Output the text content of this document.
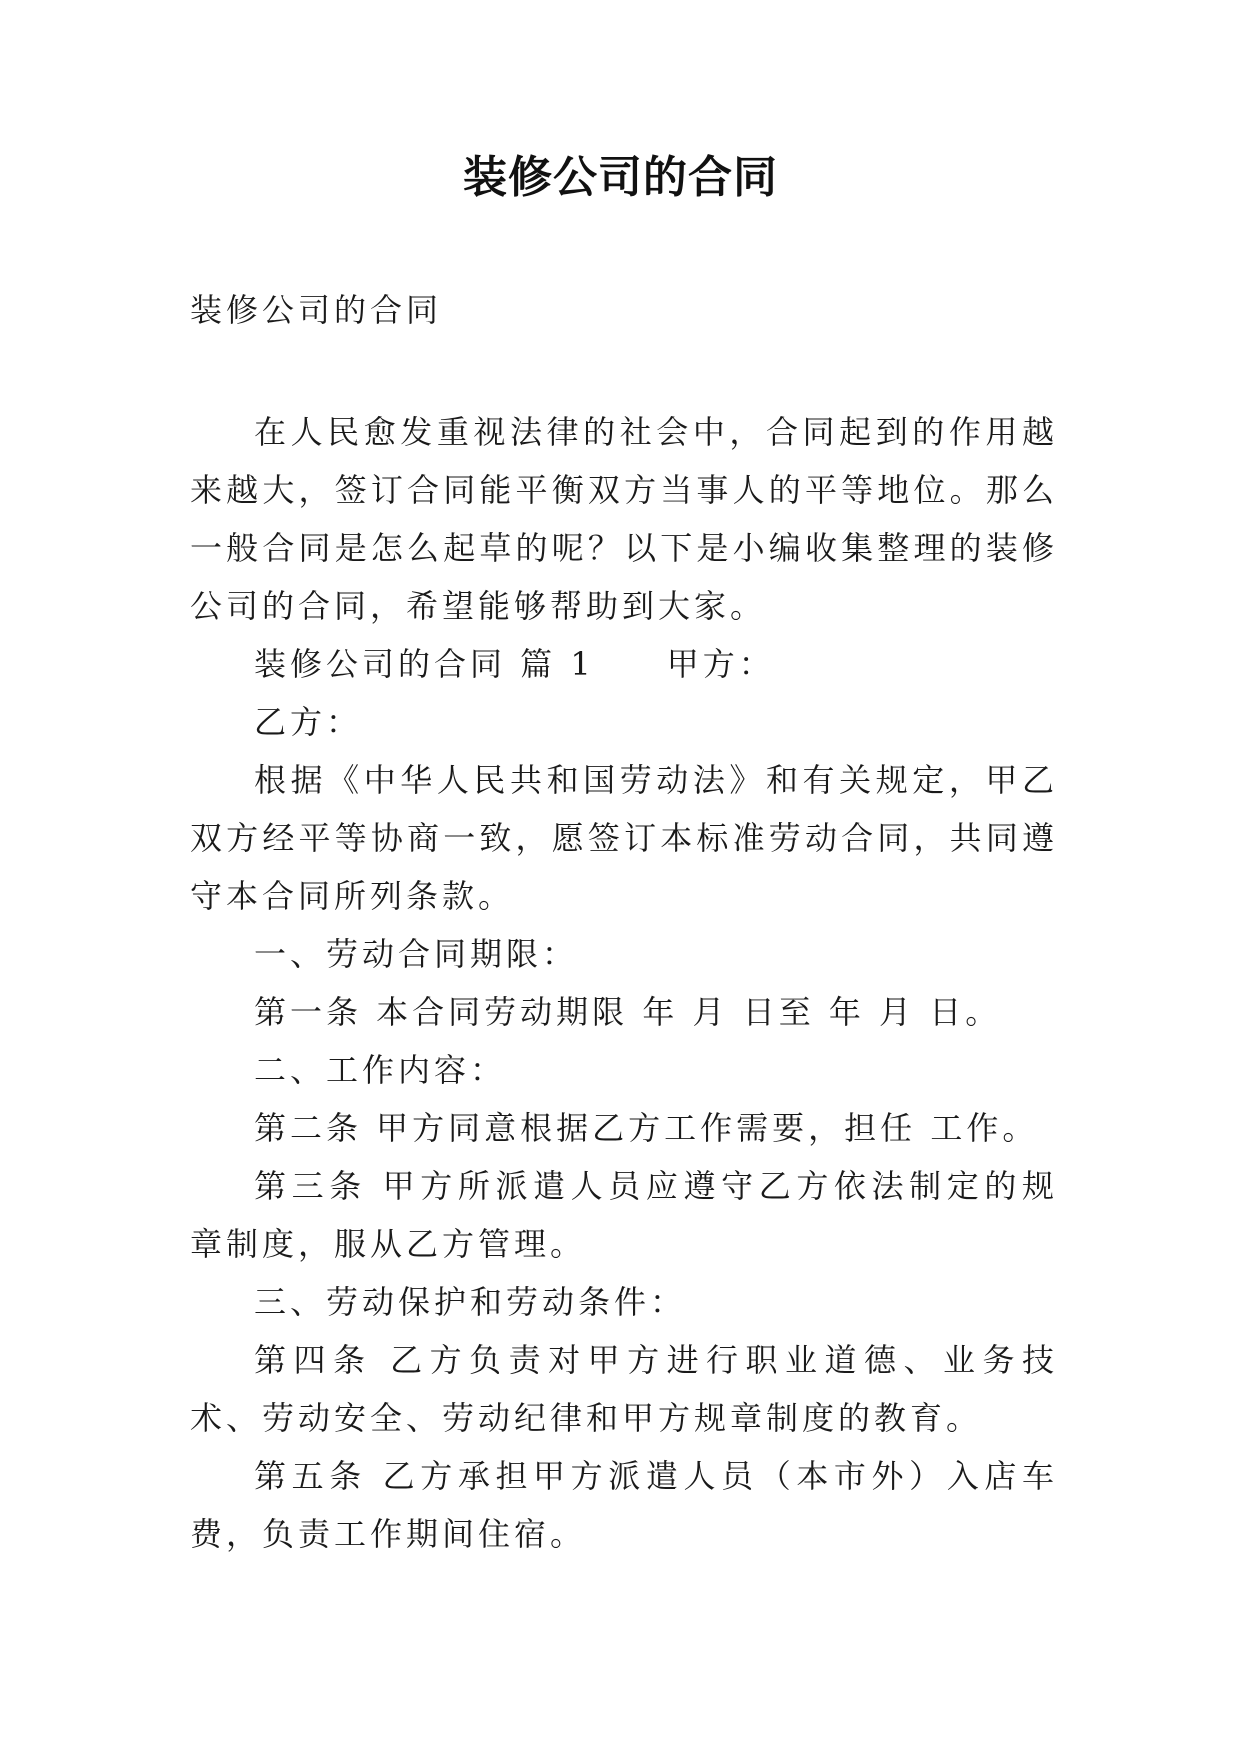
装修公司的合同
装修公司的合同

在人民愈发重视法律的社会中，合同起到的作用越来越大，签订合同能平衡双方当事人的平等地位。那么一般合同是怎么起草的呢？以下是小编收集整理的装修公司的合同，希望能够帮助到大家。

装修公司的合同 篇 1　　甲方：

乙方：

根据《中华人民共和国劳动法》和有关规定，甲乙双方经平等协商一致，愿签订本标准劳动合同，共同遵守本合同所列条款。

一、劳动合同期限：

第一条 本合同劳动期限 年 月 日至 年 月 日。

二、工作内容：

第二条 甲方同意根据乙方工作需要，担任 工作。

第三条 甲方所派遣人员应遵守乙方依法制定的规章制度，服从乙方管理。

三、劳动保护和劳动条件：

第四条 乙方负责对甲方进行职业道德、业务技术、劳动安全、劳动纪律和甲方规章制度的教育。

第五条 乙方承担甲方派遣人员（本市外）入店车费，负责工作期间住宿。
